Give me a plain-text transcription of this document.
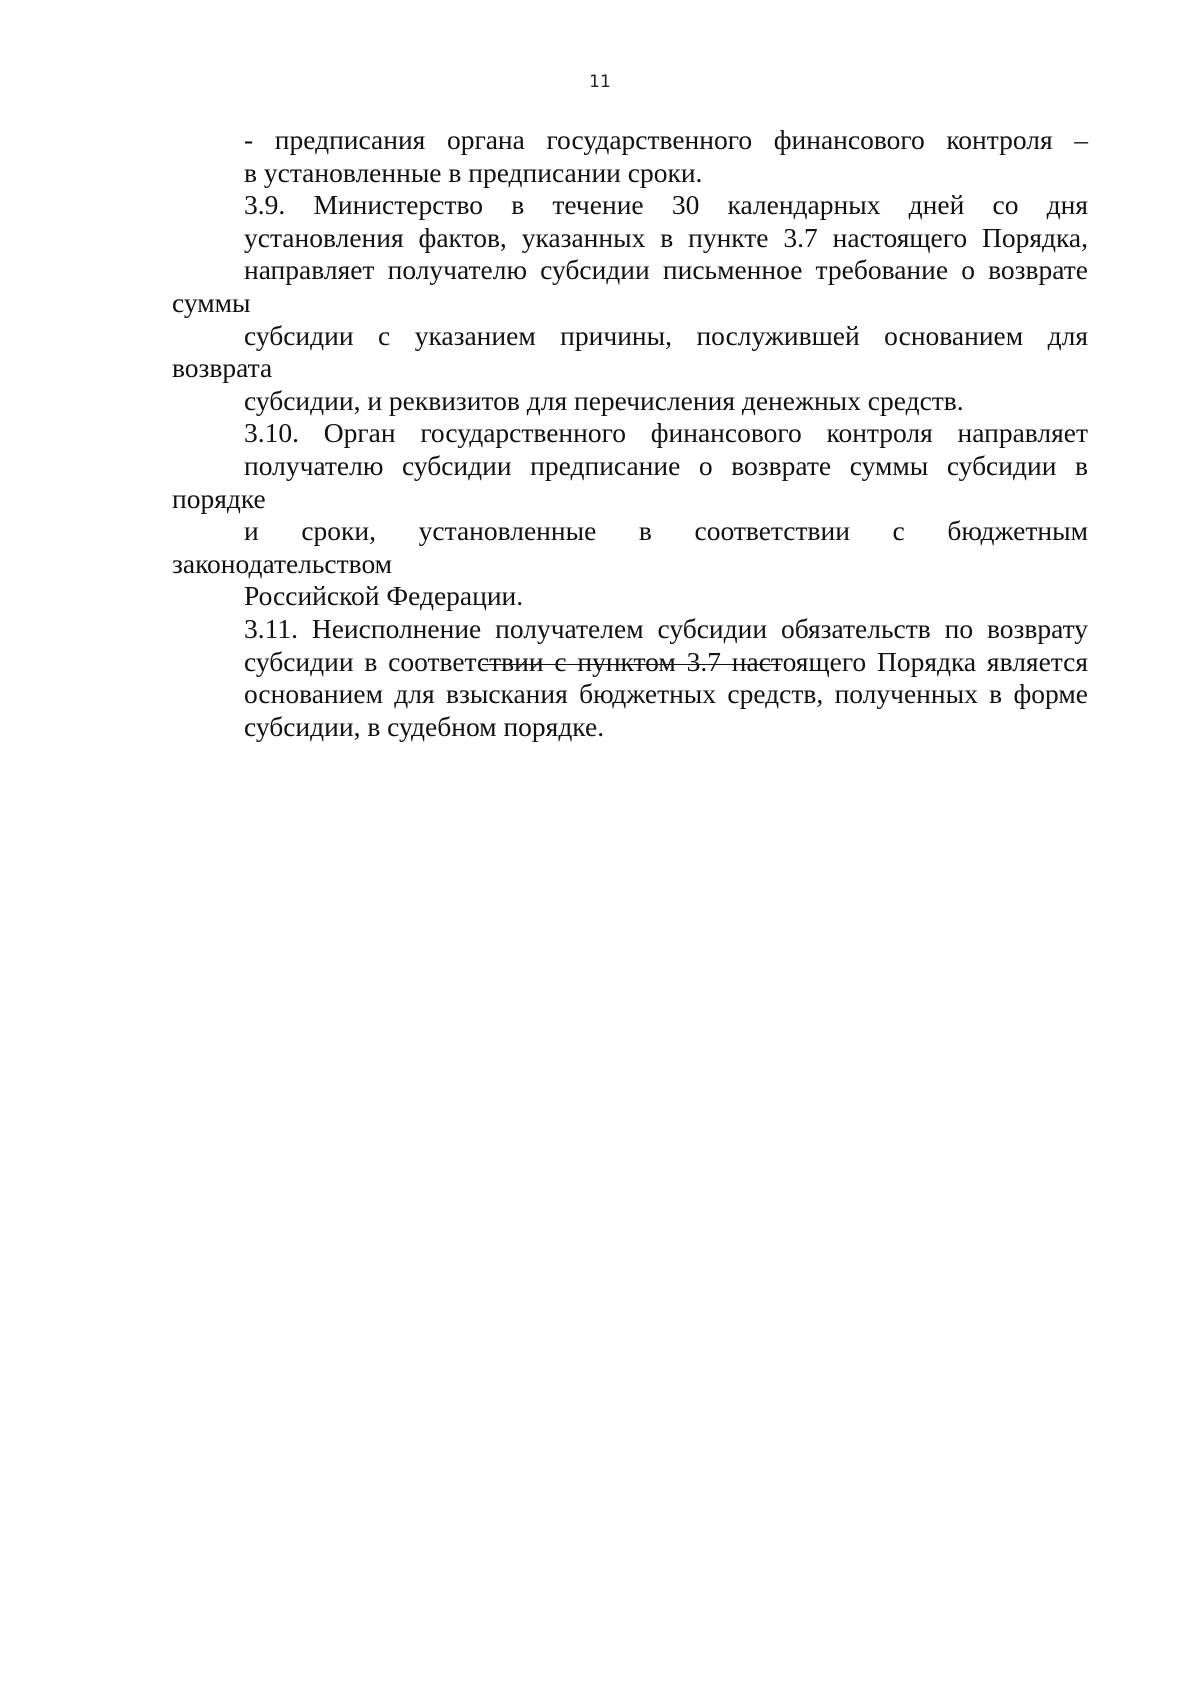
11

- предписания органа государственного финансового контроля –
в установленные в предписании сроки.

3.9. Министерство в течение 30 календарных дней со дня
установления фактов, указанных в пункте 3.7 настоящего Порядка,
направляет получателю субсидии письменное требование о возврате суммы
субсидии с указанием причины, послужившей основанием для возврата
субсидии, и реквизитов для перечисления денежных средств.

3.10. Орган государственного финансового контроля направляет
получателю субсидии предписание о возврате суммы субсидии в порядке
и сроки, установленные в соответствии с бюджетным законодательством
Российской Федерации.

3.11. Неисполнение получателем субсидии обязательств по возврату
субсидии в соответствии с пунктом 3.7 настоящего Порядка является
основанием для взыскания бюджетных средств, полученных в форме
субсидии, в судебном порядке.
